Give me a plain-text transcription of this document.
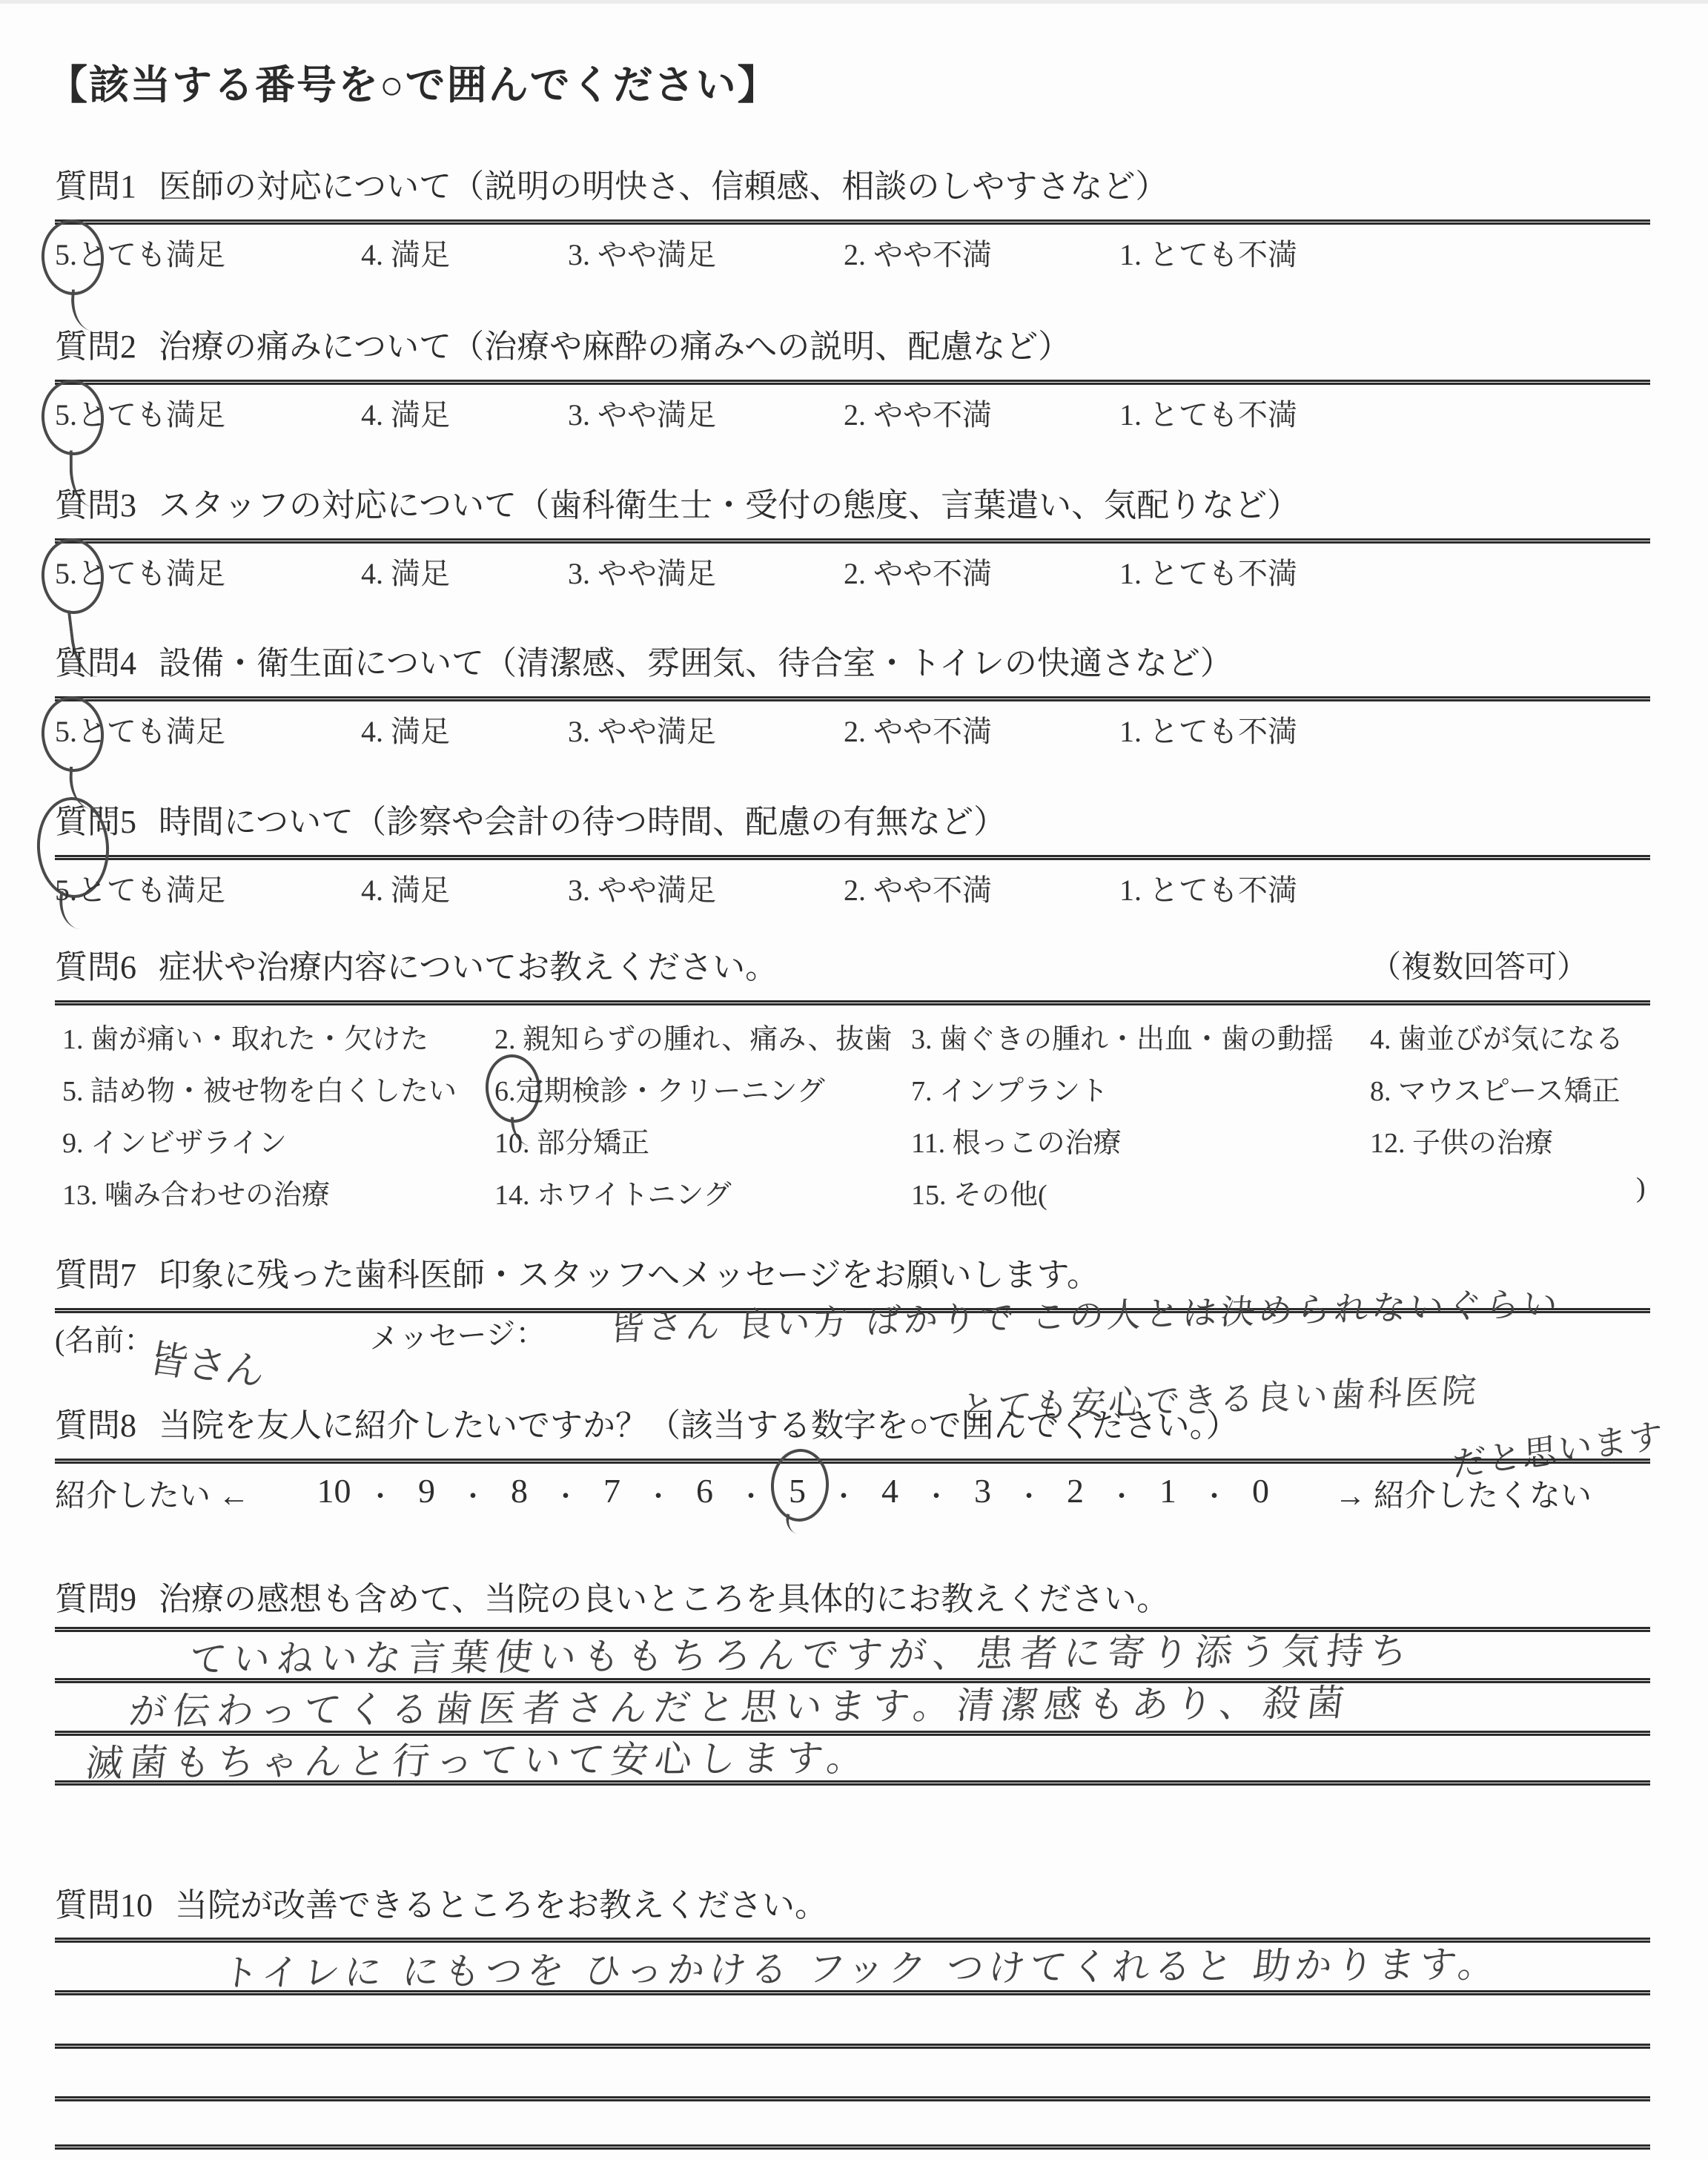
【該当する番号を○で囲んでください】
質問1 医師の対応について（説明の明快さ、信頼感、相談のしやすさなど）
5.とても満足	4. 満足	3. やや満足	2. やや不満	1. とても不満
質問2 治療の痛みについて（治療や麻酔の痛みへの説明、配慮など）
5.とても満足	4. 満足	3. やや満足	2. やや不満	1. とても不満
質問3 スタッフの対応について（歯科衛生士・受付の態度、言葉遣い、気配りなど）
5.とても満足	4. 満足	3. やや満足	2. やや不満	1. とても不満
質問4 設備・衛生面について（清潔感、雰囲気、待合室・トイレの快適さなど）
5.とても満足	4. 満足	3. やや満足	2. やや不満	1. とても不満
質問5 時間について（診察や会計の待つ時間、配慮の有無など）
5.とても満足	4. 満足	3. やや満足	2. やや不満	1. とても不満
質問6 症状や治療内容についてお教えください。	（複数回答可）
1. 歯が痛い・取れた・欠けた 2. 親知らずの腫れ、痛み、抜歯 3. 歯ぐきの腫れ・出血・歯の動揺 4. 歯並びが気になる
5. 詰め物・被せ物を白くしたい 6.定期検診・クリーニング	7. インプラント	8. マウスピース矯正
9. インビザライン	10. 部分矯正	11. 根っこの治療	12. 子供の治療
13. 噛み合わせの治療	14. ホワイトニング	15. その他(	)
質問7 印象に残った歯科医師・スタッフへメッセージをお願いします。
(名前：	メッセージ：
皆さん
皆さん 良い方 ばかりで この人とは決められないぐらい
とても安心できる良い歯科医院
だと思います
質問8 当院を友人に紹介したいですか？（該当する数字を○で囲んでください。）
紹介したい ← 10 ・ 9 ・ 8 ・ 7 ・ 6 ・ 5 ・ 4 ・ 3 ・ 2 ・ 1 ・ 0	→ 紹介したくない
質問9 治療の感想も含めて、当院の良いところを具体的にお教えください。
ていねいな言葉使いももちろんですが、患者に寄り添う気持ち
が伝わってくる歯医者さんだと思います。清潔感もあり、殺菌
滅菌もちゃんと行っていて安心します。
質問10 当院が改善できるところをお教えください。
トイレに にもつを ひっかける フック つけてくれると 助かります。
